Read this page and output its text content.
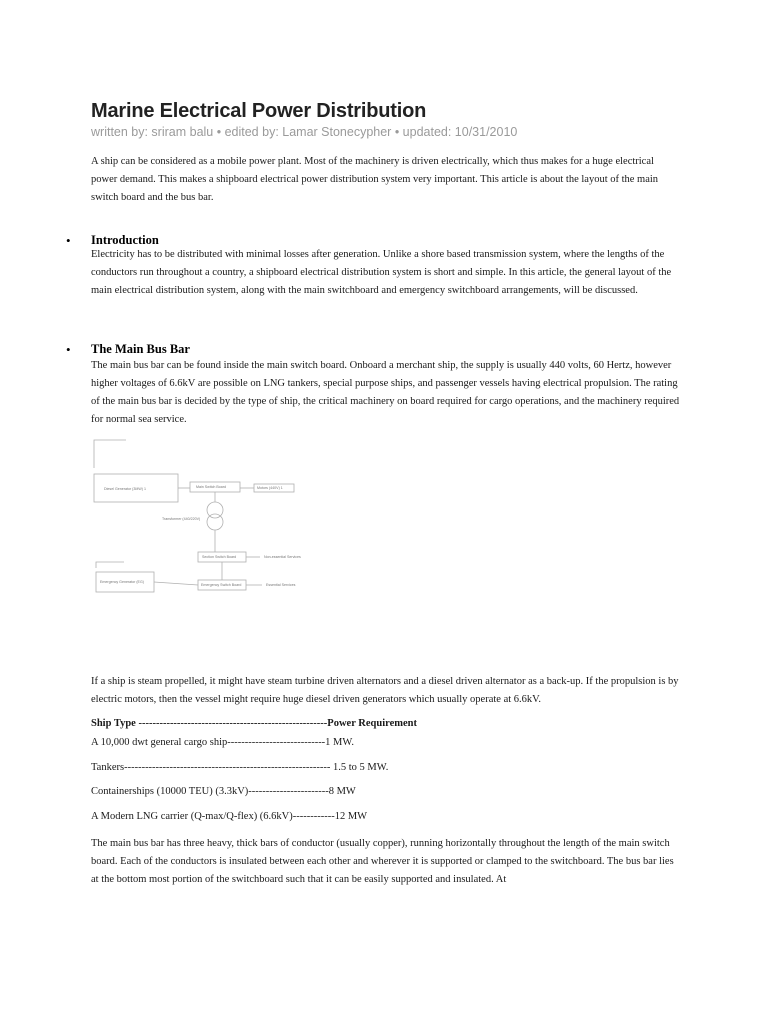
Marine Electrical Power Distribution
written by: sriram balu • edited by: Lamar Stonecypher • updated: 10/31/2010

A ship can be considered as a mobile power plant. Most of the machinery is driven electrically, which thus makes for a huge electrical power demand. This makes a shipboard electrical power distribution system very important. This article is about the layout of the main switch board and the bus bar.

• Introduction

Electricity has to be distributed with minimal losses after generation. Unlike a shore based transmission system, where the lengths of the conductors run throughout a country, a shipboard electrical distribution system is short and simple. In this article, the general layout of the main electrical distribution system, along with the main switchboard and emergency switchboard arrangements, will be discussed.

• The Main Bus Bar

The main bus bar can be found inside the main switch board. Onboard a merchant ship, the supply is usually 440 volts, 60 Hertz, however higher voltages of 6.6kV are possible on LNG tankers, special purpose ships, and passenger vessels having electrical propulsion. The rating of the main bus bar is decided by the type of ship, the critical machinery on board required for cargo operations, and the machinery required for normal sea service.

Diesel Generator (3MW) 1	Main Switch Board	Motors (440V) 1
Transformer (440/220V)
Section Switch Board	Non-essential Services
Emergency Generator (EG)
Emergency Switch Board	Essential Services

If a ship is steam propelled, it might have steam turbine driven alternators and a diesel driven alternator as a back-up. If the propulsion is by electric motors, then the vessel might require huge diesel driven generators which usually operate at 6.6kV.

Ship Type ------------------------------------------------------Power Requirement

A 10,000 dwt general cargo ship----------------------------1 MW.

Tankers----------------------------------------------------------- 1.5 to 5 MW.

Containerships (10000 TEU) (3.3kV)-----------------------8 MW

A Modern LNG carrier (Q-max/Q-flex) (6.6kV)------------12 MW

The main bus bar has three heavy, thick bars of conductor (usually copper), running horizontally throughout the length of the main switch board. Each of the conductors is insulated between each other and wherever it is supported or clamped to the switchboard. The bus bar lies at the bottom most portion of the switchboard such that it can be easily supported and insulated. At
